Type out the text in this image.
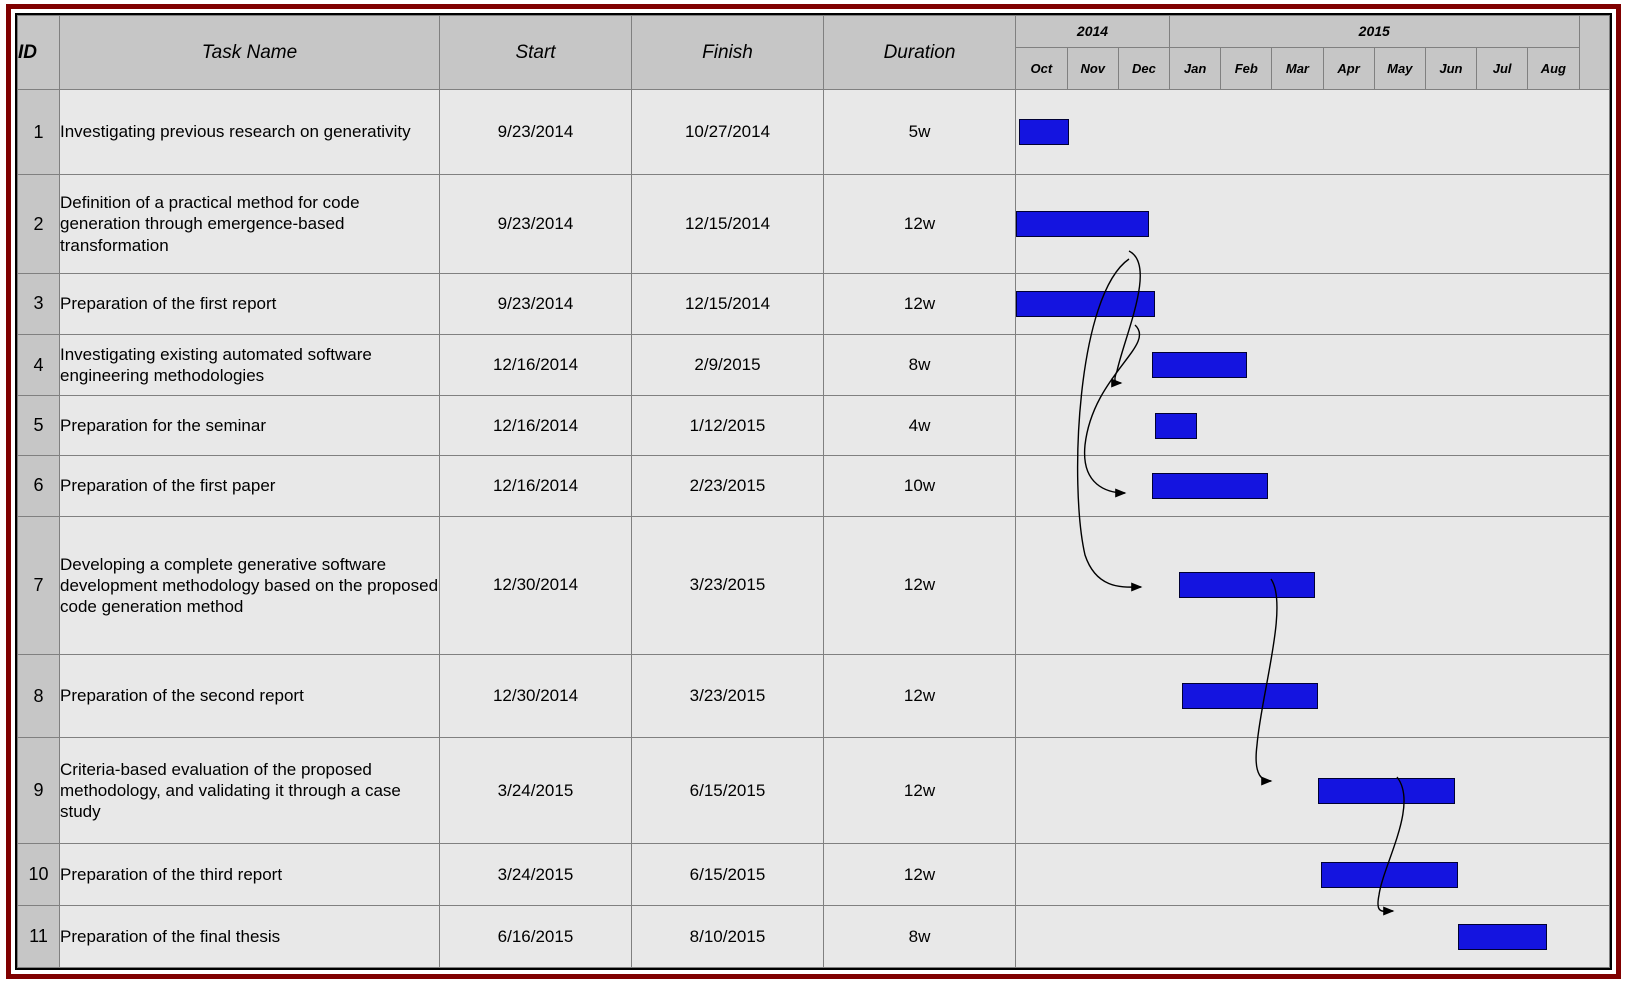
ID	Task Name	Start	Finish	Duration	
2014	2015	
Oct	Nov	Dec	Jan	Feb	Mar	Apr	May	Jun	Jul	Aug	

1	Investigating previous research on generativity	9/23/2014	10/27/2014	5w	

2	Definition of a practical method for code generation through emergence-based transformation	9/23/2014	12/15/2014	12w	

3	Preparation of the first report	9/23/2014	12/15/2014	12w	

4	Investigating existing automated software engineering methodologies	12/16/2014	2/9/2015	8w	

5	Preparation for the seminar	12/16/2014	1/12/2015	4w	

6	Preparation of the first paper	12/16/2014	2/23/2015	10w	

7	Developing a complete generative software development methodology based on the proposed code generation method	12/30/2014	3/23/2015	12w	

8	Preparation of the second report	12/30/2014	3/23/2015	12w	

9	Criteria-based evaluation of the proposed methodology, and validating it through a case study	3/24/2015	6/15/2015	12w	

10	Preparation of the third report	3/24/2015	6/15/2015	12w	

11	Preparation of the final thesis	6/16/2015	8/10/2015	8w	
